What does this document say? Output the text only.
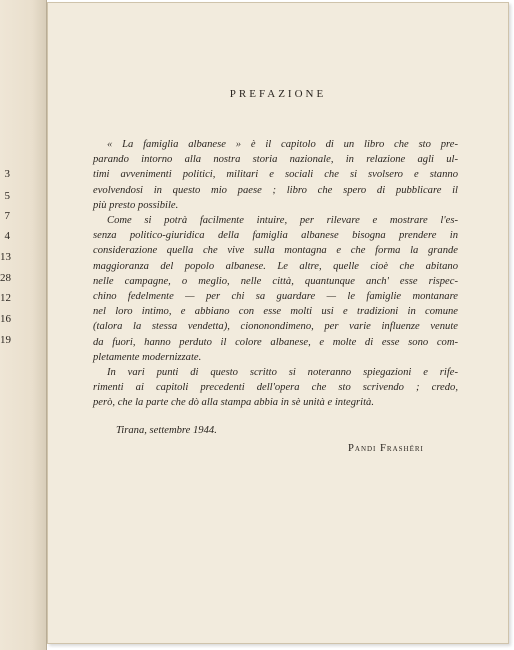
3
5
7
4
13
28
12
16
19
PREFAZIONE
« La famiglia albanese » è il capitolo di un libro che sto pre-
parando intorno alla nostra storia nazionale, in relazione agli ul-
timi avvenimenti politici, militari e sociali che si svolsero e stanno
evolvendosi in questo mio paese ; libro che spero di pubblicare il
più presto possibile.
Come si potrà facilmente intuire, per rilevare e mostrare l'es-
senza politico-giuridica della famiglia albanese bisogna prendere in
considerazione quella che vive sulla montagna e che forma la grande
maggioranza del popolo albanese. Le altre, quelle cioè che abitano
nelle campagne, o meglio, nelle città, quantunque anch' esse rispec-
chino fedelmente — per chi sa guardare — le famiglie montanare
nel loro intimo, e abbiano con esse molti usi e tradizioni in comune
(talora la stessa vendetta), ciononondimeno, per varie influenze venute
da fuori, hanno perduto il colore albanese, e molte di esse sono com-
pletamente modernizzate.
In vari punti di questo scritto si noteranno spiegazioni e rife-
rimenti ai capitoli precedenti dell'opera che sto scrivendo ; credo,
però, che la parte che dò alla stampa abbia in sè unità e integrità.
Tirana, settembre 1944.
Pandi Frashëri
